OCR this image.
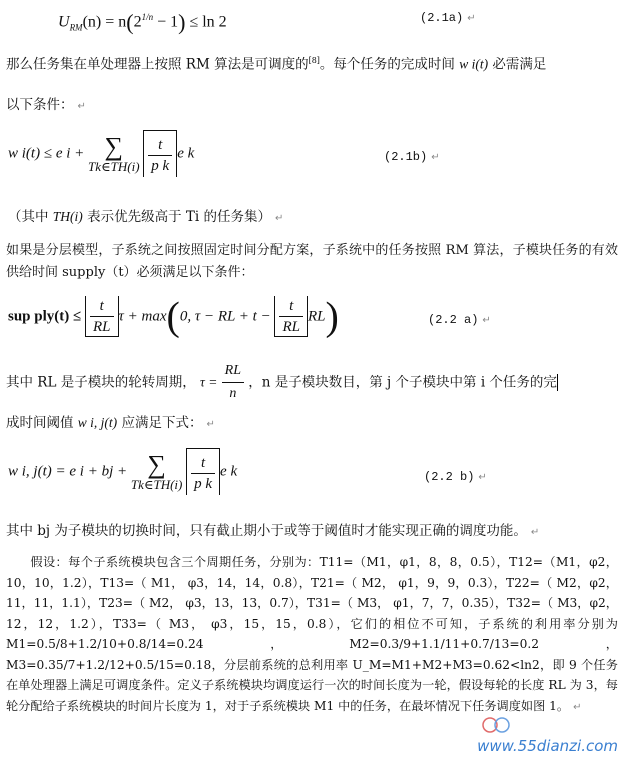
$U_{RM}(n) = n(2^{1/n} - 1) \le \ln 2$	(2.1a) ↵
那么任务集在单处理器上按照 RM 算法是可调度的[8]。每个任务的完成时间 w i(t) 必需满足
以下条件： ↵
w i(t) ≤ e i + ∑
Tk∈TH(i)
$\frac{t}{\text{p k}}$ e k	(2.1b) ↵
（其中 TH(i) 表示优先级高于 Ti 的任务集） ↵
如果是分层模型，子系统之间按照固定时间分配方案，子系统中的任务按照 RM 算法，子模块任务的有效供给时间 supply（t）必须满足以下条件：
sup $ply(t) \le \frac{t}{RL}$ τ + max(0, τ − RL + $t - \frac{t}{RL} RL$)	(2.2 a) ↵
其中 RL 是子模块的轮转周期， $\tau = \frac{RL}{n}$ ，n 是子模块数目，第 j 个子模块中第 i 个任务的完
成时间阈值 w i, j(t) 应满足下式： ↵
w i, j(t) = e i + bj + ∑
Tk∈TH(i)
$\frac{t}{\text{p k}}$ e k	(2.2 b) ↵
其中 bj 为子模块的切换时间，只有截止期小于或等于阈值时才能实现正确的调度功能。 ↵
假设：每个子系统模块包含三个周期任务，分别为：T11=（M1，φ1，8，8，0.5），T12=（M1，φ2，10，10，1.2），T13=（ M1， φ3，14，14，0.8），T21=（ M2， φ1，9，9，0.3），T22=（ M2，φ2，11，11，1.1），T23=（ M2， φ3，13，13，0.7），T31=（ M3， φ1，7，7，0.35），T32=（ M3，φ2，12，12，1.2），T33=（ M3， φ3，15，15，0.8），它们的相位不可知，子系统的利用率分别为 M1=0.5/8+1.2/10+0.8/14=0.24，M2=0.3/9+1.1/11+0.7/13=0.2，M3=0.35/7+1.2/12+0.5/15=0.18，分层前系统的总利用率 U_M=M1+M2+M3=0.62<ln2，即 9 个任务在单处理器上满足可调度条件。定义子系统模块均调度运行一次的时间长度为一轮，假设每轮的长度 RL 为 3，每轮分配给子系统模块的时间片长度为 1，对于子系统模块 M1 中的任务，在最坏情况下任务调度如图 1。 ↵
www.55dianzi.com
